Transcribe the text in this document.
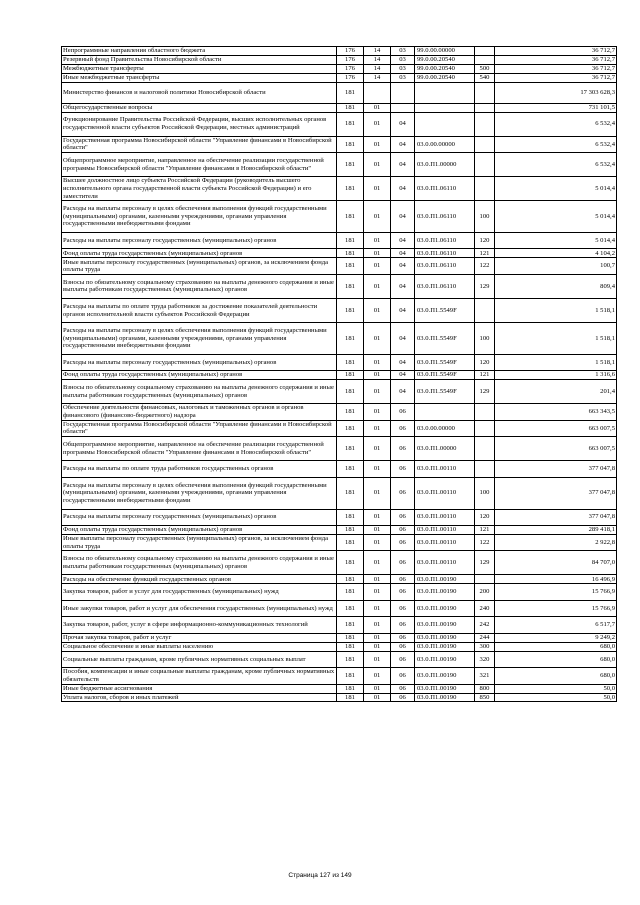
Непрограммные направления областного бюджета	176	14	03	99.0.00.00000		36 712,7
Резервный фонд Правительства Новосибирской области	176	14	03	99.0.00.20540		36 712,7
Межбюджетные трансферты	176	14	03	99.0.00.20540	500	36 712,7
Иные межбюджетные трансферты	176	14	03	99.0.00.20540	540	36 712,7
Министерство финансов и налоговой политики Новосибирской области	181					17 303 628,3
Общегосударственные вопросы	181	01				731 101,5
Функционирование Правительства Российской Федерации, высших исполнительных органов государственной власти субъектов Российской Федерации, местных администраций	181	01	04			6 532,4
Государственная программа Новосибирской области "Управление финансами в Новосибирской области"	181	01	04	03.0.00.00000		6 532,4
Общепрограммное мероприятие, направленное на обеспечение реализации государственной программы Новосибирской области "Управление финансами в Новосибирской области"	181	01	04	03.0.П1.00000		6 532,4
Высшее должностное лицо субъекта Российской Федерации (руководитель высшего исполнительного органа государственной власти субъекта Российской Федерации) и его заместители	181	01	04	03.0.П1.06110		5 014,4
Расходы на выплаты персоналу в целях обеспечения выполнения функций государственными (муниципальными) органами, казенными учреждениями, органами управления государственными внебюджетными фондами	181	01	04	03.0.П1.06110	100	5 014,4
Расходы на выплаты персоналу государственных (муниципальных) органов	181	01	04	03.0.П1.06110	120	5 014,4
Фонд оплаты труда государственных (муниципальных) органов	181	01	04	03.0.П1.06110	121	4 104,2
Иные выплаты персоналу государственных (муниципальных) органов, за исключением фонда оплаты труда	181	01	04	03.0.П1.06110	122	100,7
Взносы по обязательному социальному страхованию на выплаты денежного содержания и иные выплаты работникам государственных (муниципальных) органов	181	01	04	03.0.П1.06110	129	809,4
Расходы на выплаты по оплате труда работников за достижение показателей деятельности органов исполнительной власти субъектов Российской Федерации	181	01	04	03.0.П1.5549F		1 518,1
Расходы на выплаты персоналу в целях обеспечения выполнения функций государственными (муниципальными) органами, казенными учреждениями, органами управления государственными внебюджетными фондами	181	01	04	03.0.П1.5549F	100	1 518,1
Расходы на выплаты персоналу государственных (муниципальных) органов	181	01	04	03.0.П1.5549F	120	1 518,1
Фонд оплаты труда государственных (муниципальных) органов	181	01	04	03.0.П1.5549F	121	1 316,6
Взносы по обязательному социальному страхованию на выплаты денежного содержания и иные выплаты работникам государственных (муниципальных) органов	181	01	04	03.0.П1.5549F	129	201,4
Обеспечение деятельности финансовых, налоговых и таможенных органов и органов финансового (финансово-бюджетного) надзора	181	01	06			663 343,5
Государственная программа Новосибирской области "Управление финансами в Новосибирской области"	181	01	06	03.0.00.00000		663 007,5
Общепрограммное мероприятие, направленное на обеспечение реализации государственной программы Новосибирской области "Управление финансами в Новосибирской области"	181	01	06	03.0.П1.00000		663 007,5
Расходы на выплаты по оплате труда работников государственных органов	181	01	06	03.0.П1.00110		377 047,8
Расходы на выплаты персоналу в целях обеспечения выполнения функций государственными (муниципальными) органами, казенными учреждениями, органами управления государственными внебюджетными фондами	181	01	06	03.0.П1.00110	100	377 047,8
Расходы на выплаты персоналу государственных (муниципальных) органов	181	01	06	03.0.П1.00110	120	377 047,8
Фонд оплаты труда государственных (муниципальных) органов	181	01	06	03.0.П1.00110	121	289 418,1
Иные выплаты персоналу государственных (муниципальных) органов, за исключением фонда оплаты труда	181	01	06	03.0.П1.00110	122	2 922,8
Взносы по обязательному социальному страхованию на выплаты денежного содержания и иные выплаты работникам государственных (муниципальных) органов	181	01	06	03.0.П1.00110	129	84 707,0
Расходы на обеспечение функций государственных органов	181	01	06	03.0.П1.00190		16 496,9
Закупка товаров, работ и услуг для государственных (муниципальных) нужд	181	01	06	03.0.П1.00190	200	15 766,9
Иные закупки товаров, работ и услуг для обеспечения государственных (муниципальных) нужд	181	01	06	03.0.П1.00190	240	15 766,9
Закупка товаров, работ, услуг в сфере информационно-коммуникационных технологий	181	01	06	03.0.П1.00190	242	6 517,7
Прочая закупка товаров, работ и услуг	181	01	06	03.0.П1.00190	244	9 249,2
Социальное обеспечение и иные выплаты населению	181	01	06	03.0.П1.00190	300	680,0
Социальные выплаты гражданам, кроме публичных нормативных социальных выплат	181	01	06	03.0.П1.00190	320	680,0
Пособия, компенсации и иные социальные выплаты гражданам, кроме публичных нормативных обязательств	181	01	06	03.0.П1.00190	321	680,0
Иные бюджетные ассигнования	181	01	06	03.0.П1.00190	800	50,0
Уплата налогов, сборов и иных платежей	181	01	06	03.0.П1.00190	850	50,0
Страница 127 из 149
